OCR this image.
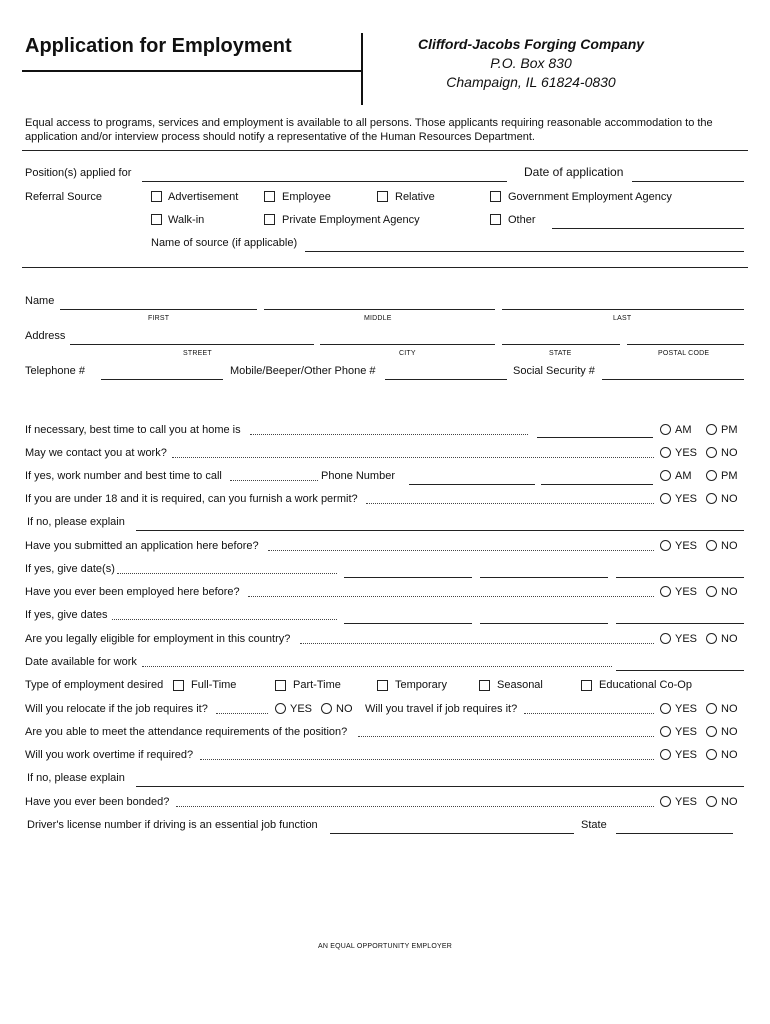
Application for Employment	Clifford-Jacobs Forging Company
P.O. Box 830
Champaign, IL 61824-0830
Equal access to programs, services and employment is available to all persons. Those applicants requiring reasonable accommodation to the
application and/or interview process should notify a representative of the Human Resources Department.
Position(s) applied for	Date of application
Referral Source	Advertisement	Employee	Relative	Government Employment Agency
Walk-in	Private Employment Agency	Other
Name of source (if applicable)
Name
FIRST	MIDDLE	LAST
Address
STREET	CITY	STATE	POSTAL CODE
Telephone #	Mobile/Beeper/Other Phone #	Social Security #
If necessary, best time to call you at home is	AM	PM
May we contact you at work?	YES NO
If yes, work number and best time to call	Phone Number	AM	PM
If you are under 18 and it is required, can you furnish a work permit?	YES NO
If no, please explain
Have you submitted an application here before?	YES NO
If yes, give date(s)
Have you ever been employed here before?	YES NO
If yes, give dates
Are you legally eligible for employment in this country?	YES NO
Date available for work
Type of employment desired	Full-Time	Part-Time	Temporary	Seasonal	Educational Co-Op
Will you relocate if the job requires it?	YES NO Will you travel if job requires it?	YES NO
Are you able to meet the attendance requirements of the position?	YES NO
Will you work overtime if required?	YES NO
If no, please explain
Have you ever been bonded?	YES NO
Driver's license number if driving is an essential job function	State
AN EQUAL OPPORTUNITY EMPLOYER
